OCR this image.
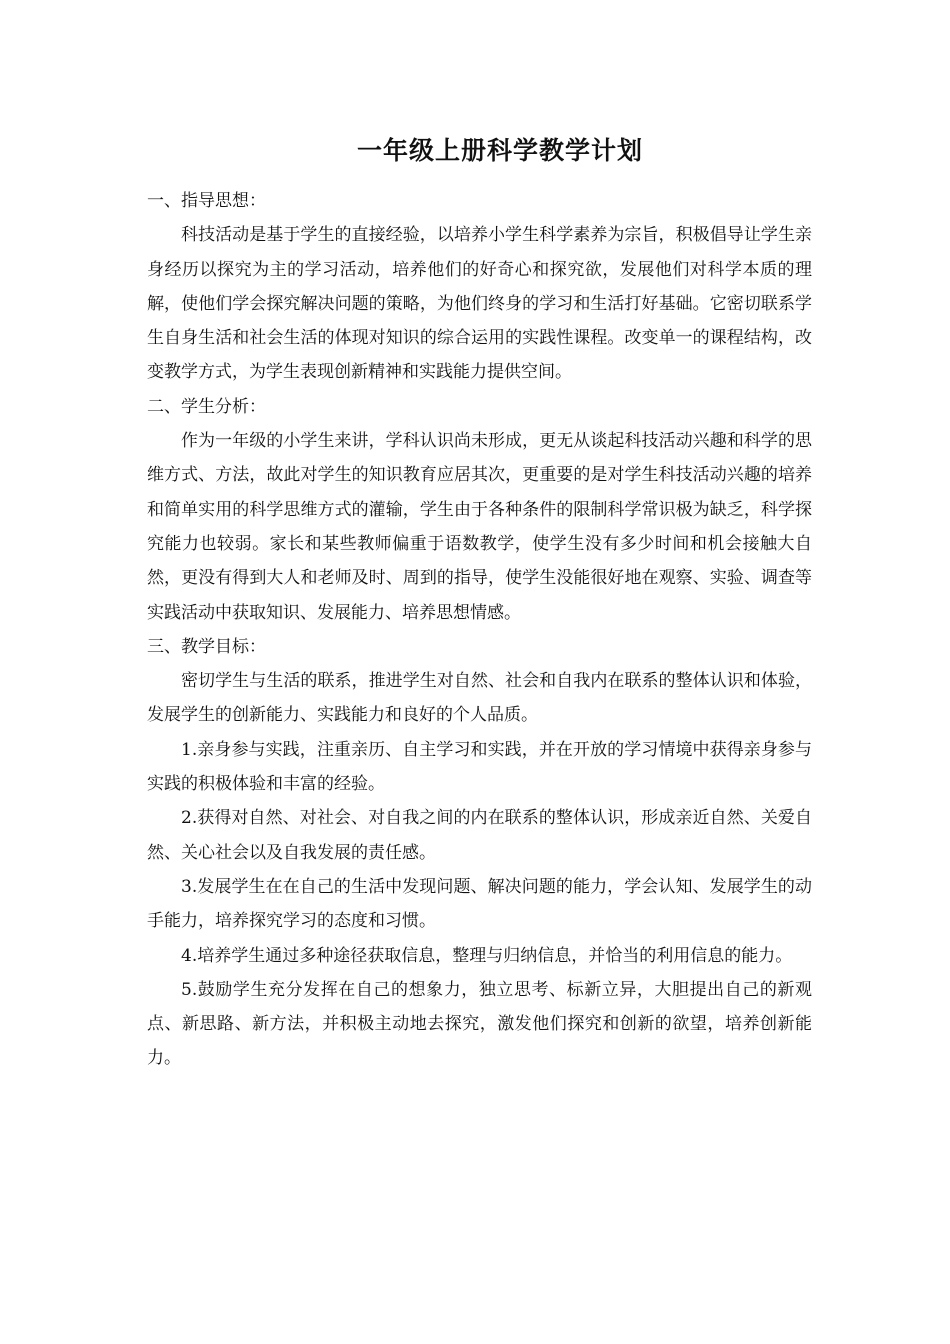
一年级上册科学教学计划

一、指导思想：

科技活动是基于学生的直接经验，以培养小学生科学素养为宗旨，积极倡导让学生亲身经历以探究为主的学习活动，培养他们的好奇心和探究欲，发展他们对科学本质的理解，使他们学会探究解决问题的策略，为他们终身的学习和生活打好基础。它密切联系学生自身生活和社会生活的体现对知识的综合运用的实践性课程。改变单一的课程结构，改变教学方式，为学生表现创新精神和实践能力提供空间。

二、学生分析：

作为一年级的小学生来讲，学科认识尚未形成，更无从谈起科技活动兴趣和科学的思维方式、方法，故此对学生的知识教育应居其次，更重要的是对学生科技活动兴趣的培养和简单实用的科学思维方式的灌输，学生由于各种条件的限制科学常识极为缺乏，科学探究能力也较弱。家长和某些教师偏重于语数教学，使学生没有多少时间和机会接触大自然，更没有得到大人和老师及时、周到的指导，使学生没能很好地在观察、实验、调查等实践活动中获取知识、发展能力、培养思想情感。

三、教学目标：

密切学生与生活的联系，推进学生对自然、社会和自我内在联系的整体认识和体验，发展学生的创新能力、实践能力和良好的个人品质。

1.亲身参与实践，注重亲历、自主学习和实践，并在开放的学习情境中获得亲身参与实践的积极体验和丰富的经验。

2.获得对自然、对社会、对自我之间的内在联系的整体认识，形成亲近自然、关爱自然、关心社会以及自我发展的责任感。

3.发展学生在在自己的生活中发现问题、解决问题的能力，学会认知、发展学生的动手能力，培养探究学习的态度和习惯。

4.培养学生通过多种途径获取信息，整理与归纳信息，并恰当的利用信息的能力。

5.鼓励学生充分发挥在自己的想象力，独立思考、标新立异，大胆提出自己的新观点、新思路、新方法，并积极主动地去探究，激发他们探究和创新的欲望，培养创新能力。
